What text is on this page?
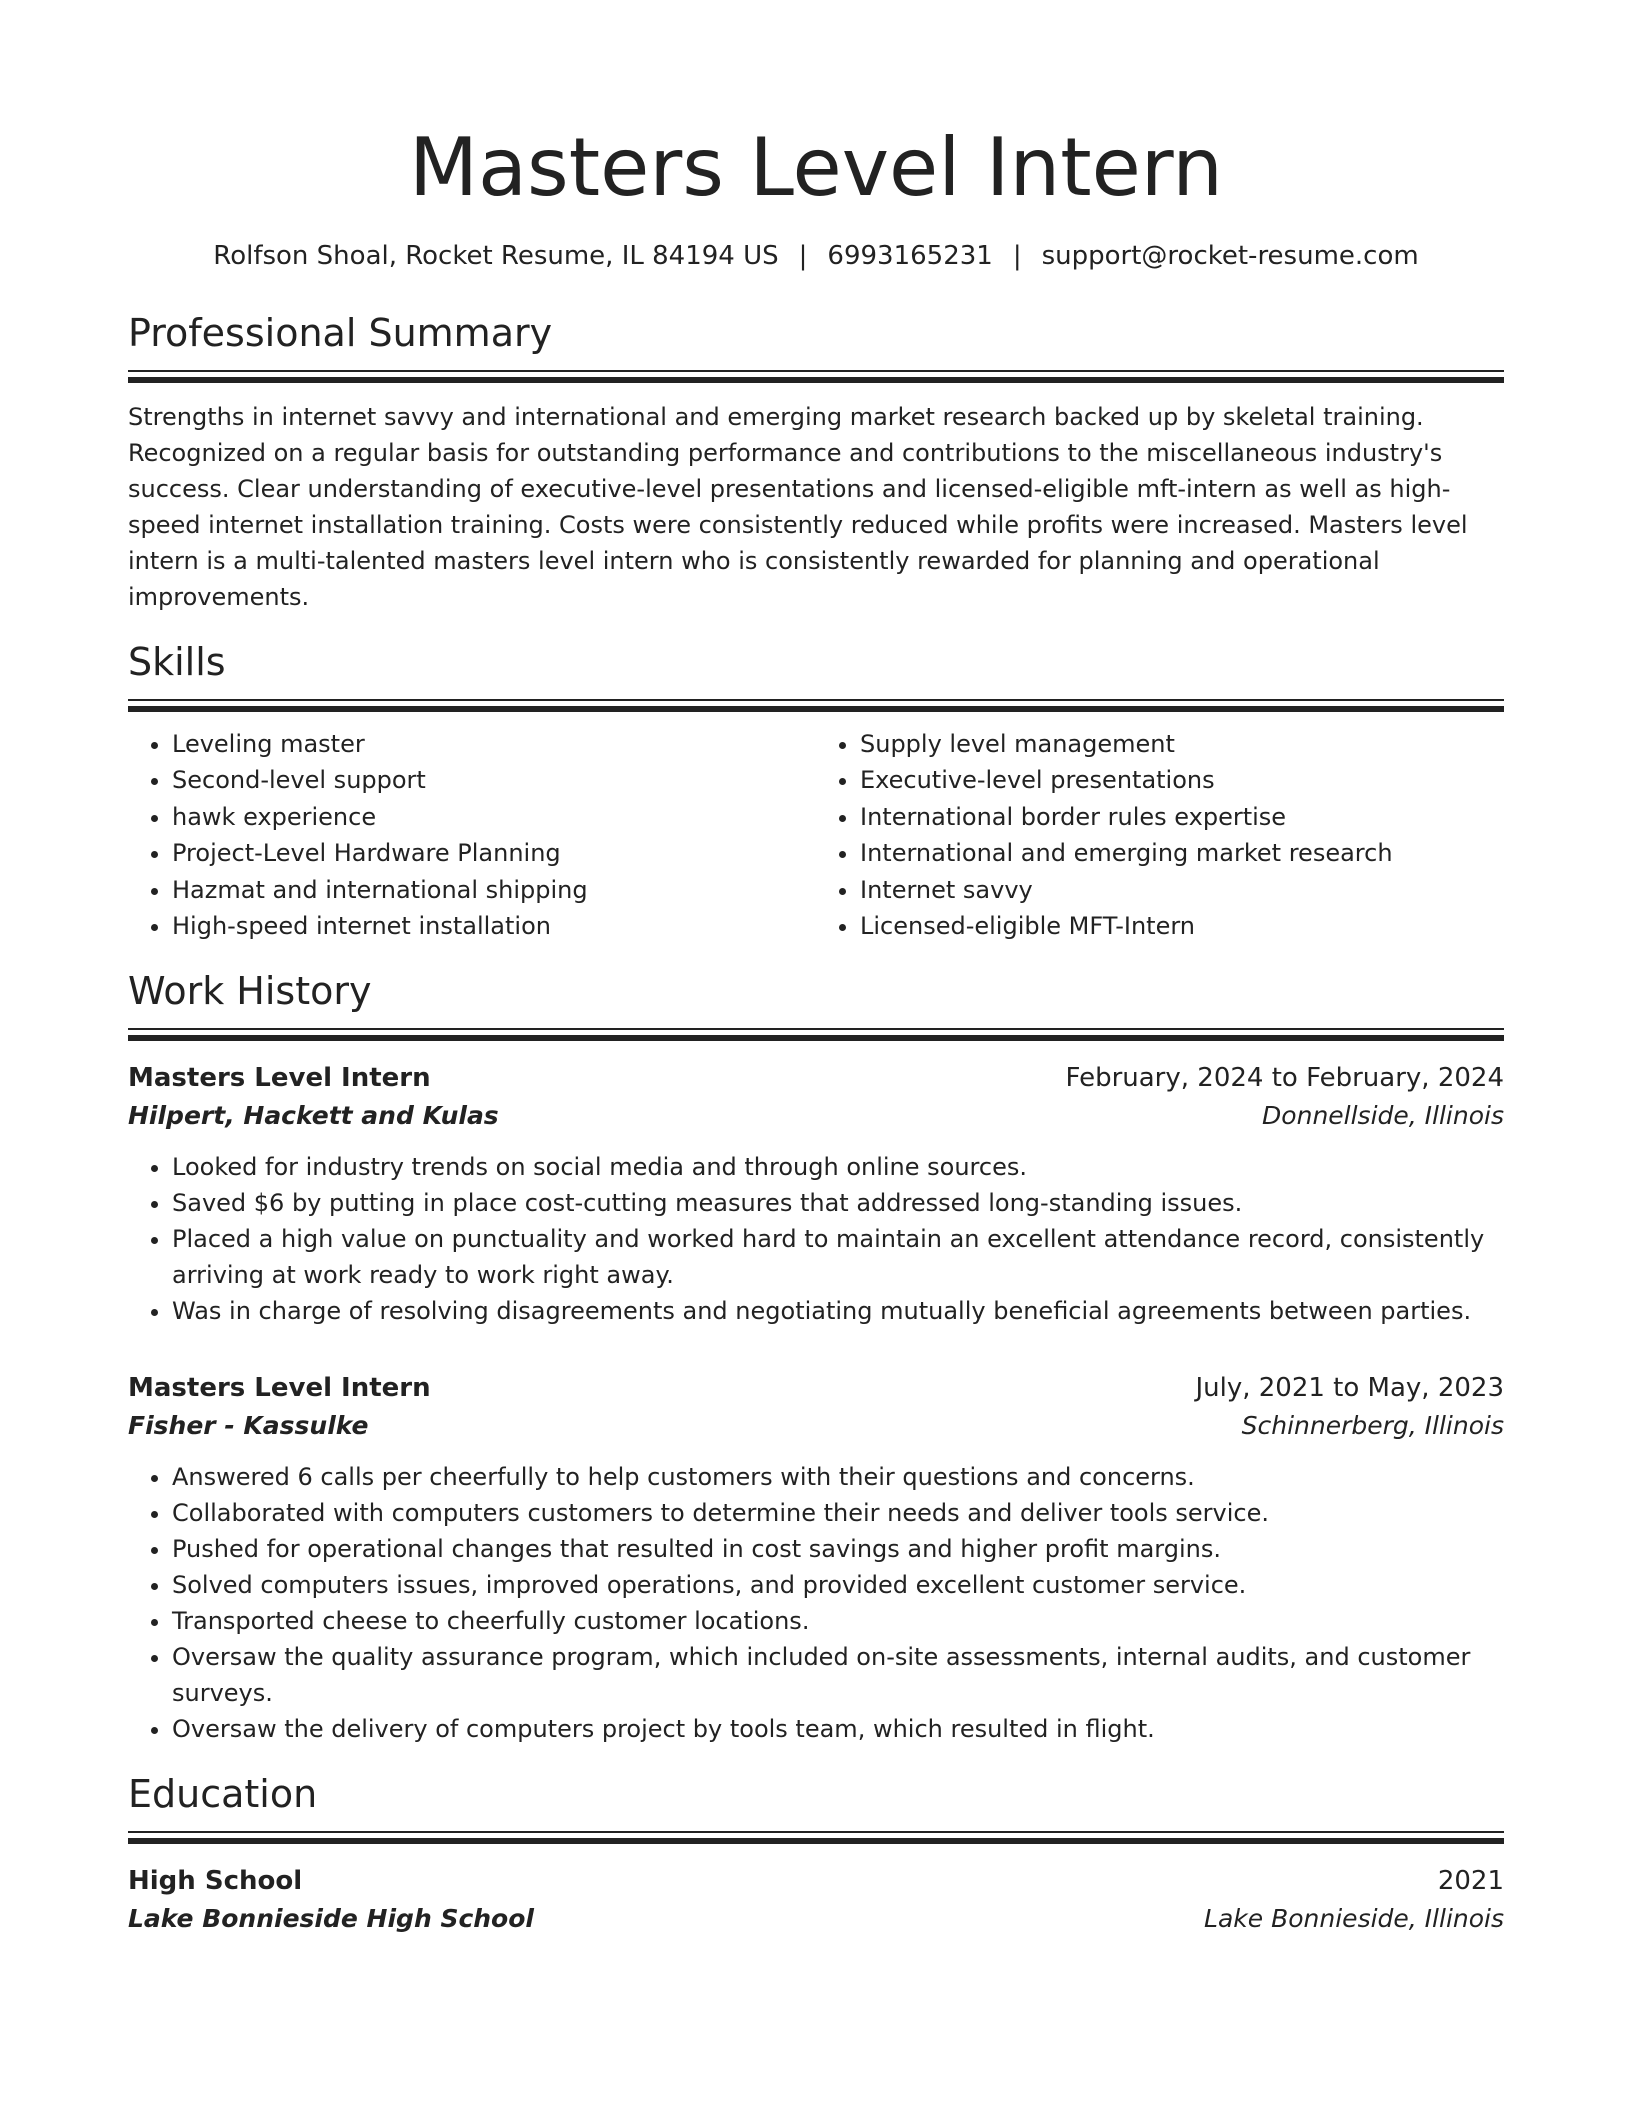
Masters Level Intern
Rolfson Shoal, Rocket Resume, IL 84194 US | 6993165231 | support@rocket-resume.com
Professional Summary
Strengths in internet savvy and international and emerging market research backed up by skeletal training. Recognized on a regular basis for outstanding performance and contributions to the miscellaneous industry's success. Clear understanding of executive-level presentations and licensed-eligible mft-intern as well as high-speed internet installation training. Costs were consistently reduced while profits were increased. Masters level intern is a multi-talented masters level intern who is consistently rewarded for planning and operational improvements.
Skills
• Leveling master
• Second-level support
• hawk experience
• Project-Level Hardware Planning
• Hazmat and international shipping
• High-speed internet installation
• Supply level management
• Executive-level presentations
• International border rules expertise
• International and emerging market research
• Internet savvy
• Licensed-eligible MFT-Intern
Work History
Masters Level Intern	February, 2024 to February, 2024
Hilpert, Hackett and Kulas	Donnellside, Illinois
• Looked for industry trends on social media and through online sources.
• Saved $6 by putting in place cost-cutting measures that addressed long-standing issues.
• Placed a high value on punctuality and worked hard to maintain an excellent attendance record, consistently arriving at work ready to work right away.
• Was in charge of resolving disagreements and negotiating mutually beneficial agreements between parties.
Masters Level Intern	July, 2021 to May, 2023
Fisher - Kassulke	Schinnerberg, Illinois
• Answered 6 calls per cheerfully to help customers with their questions and concerns.
• Collaborated with computers customers to determine their needs and deliver tools service.
• Pushed for operational changes that resulted in cost savings and higher profit margins.
• Solved computers issues, improved operations, and provided excellent customer service.
• Transported cheese to cheerfully customer locations.
• Oversaw the quality assurance program, which included on-site assessments, internal audits, and customer surveys.
• Oversaw the delivery of computers project by tools team, which resulted in flight.
Education
High School	2021
Lake Bonnieside High School	Lake Bonnieside, Illinois
